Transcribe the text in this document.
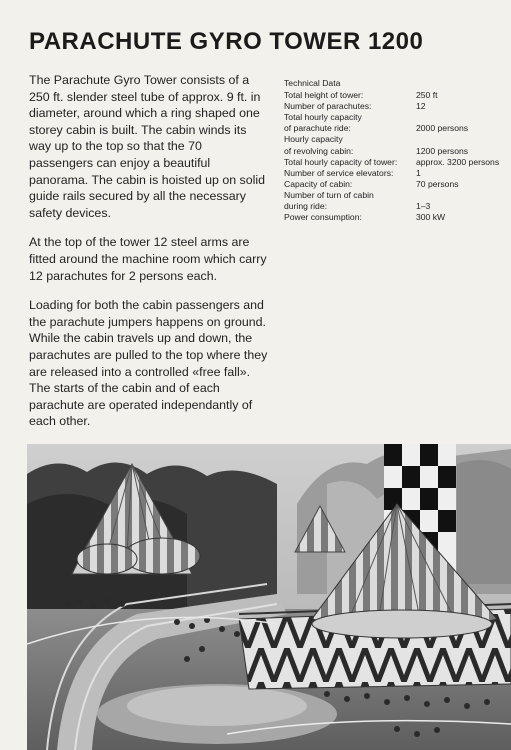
PARACHUTE GYRO TOWER 1200

The Parachute Gyro Tower consists of a 250 ft. slender steel tube of approx. 9 ft. in diameter, around which a ring shaped one storey cabin is built. The cabin winds its way up to the top so that the 70 passengers can enjoy a beautiful panorama. The cabin is hoisted up on solid guide rails secured by all the necessary safety devices.

At the top of the tower 12 steel arms are fitted around the machine room which carry 12 parachutes for 2 persons each.

Loading for both the cabin passengers and the parachute jumpers happens on ground. While the cabin travels up and down, the parachutes are pulled to the top where they are released into a controlled «free fall». The starts of the cabin and of each parachute are operated independantly of each other.

Technical Data
Total height of tower:	250 ft
Number of parachutes:	12
Total hourly capacity
of parachute ride:	2000 persons
Hourly capacity
of revolving cabin:	1200 persons
Total hourly capacity of tower:	approx. 3200 persons
Number of service elevators:	1
Capacity of cabin:	70 persons
Number of turn of cabin
during ride:	1–3
Power consumption:	300 kW
